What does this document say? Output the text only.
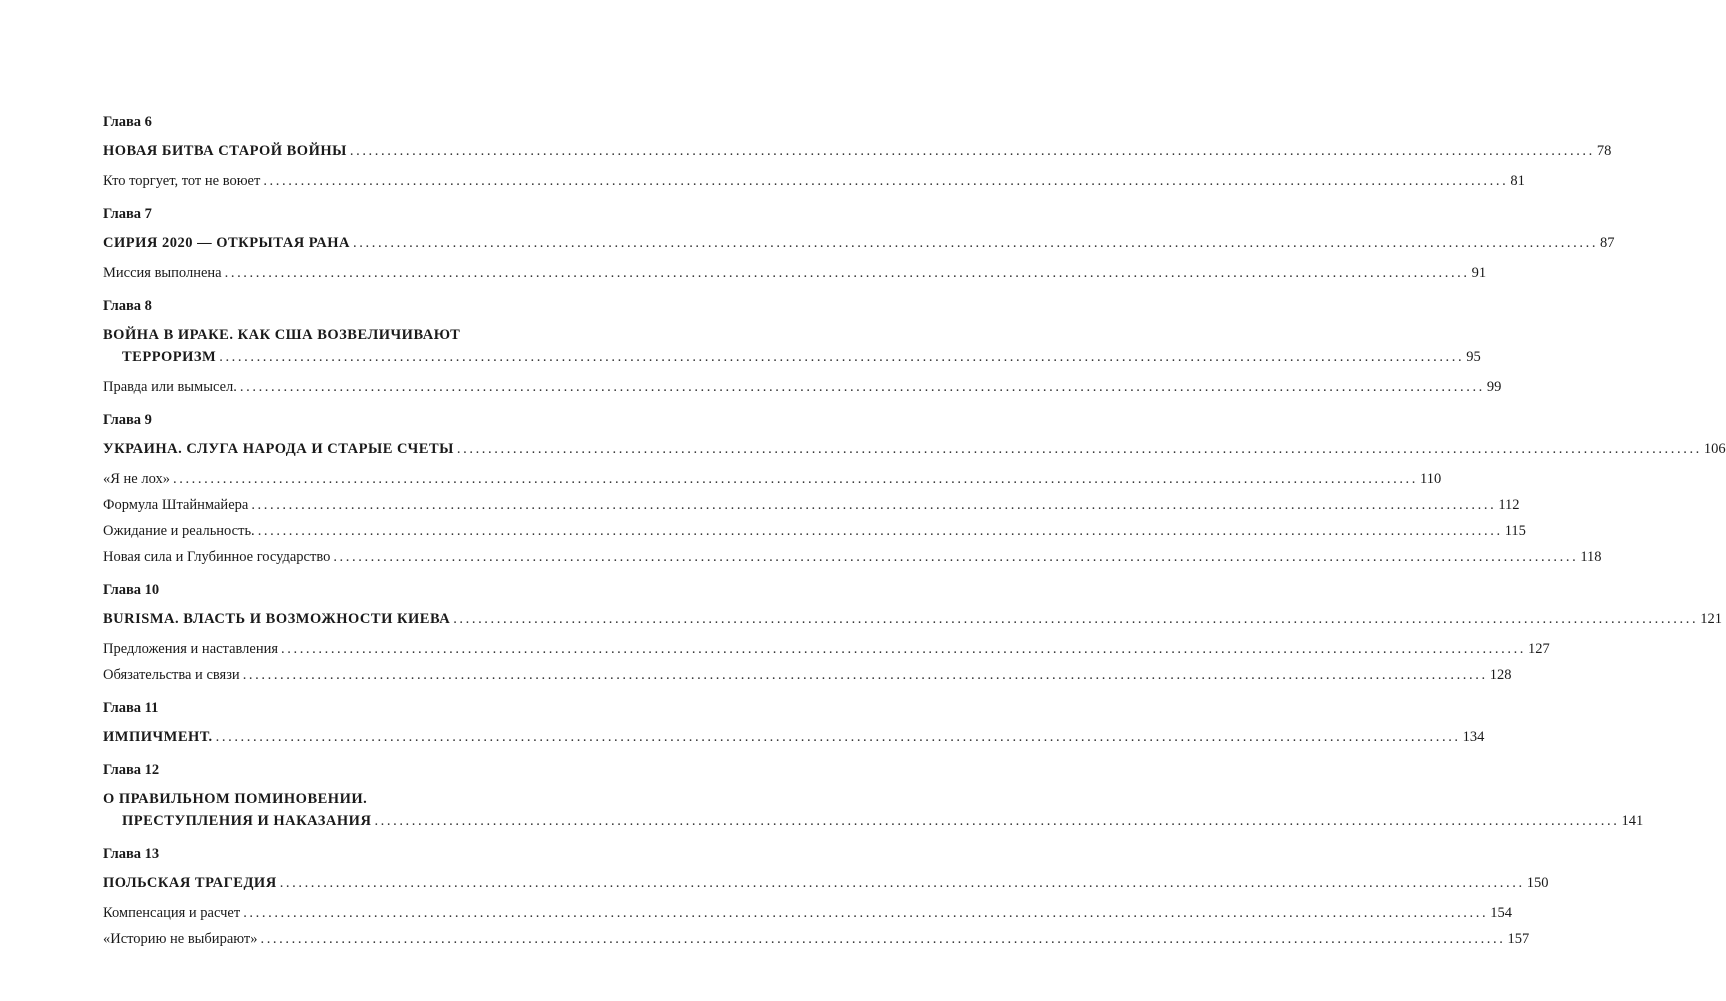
Глава 6
НОВАЯ БИТВА СТАРОЙ ВОЙНЫ ........................................................................................................................................................................................................ 78
Кто торгует, тот не воюет ........................................................................................................................................................................................................ 81
Глава 7
СИРИЯ 2020 — ОТКРЫТАЯ РАНА ........................................................................................................................................................................................................ 87
Миссия выполнена ........................................................................................................................................................................................................ 91
Глава 8
ВОЙНА В ИРАКЕ. КАК США ВОЗВЕЛИЧИВАЮТ
ТЕРРОРИЗМ ........................................................................................................................................................................................................ 95
Правда или вымысел. ........................................................................................................................................................................................................ 99
Глава 9
УКРАИНА. СЛУГА НАРОДА И СТАРЫЕ СЧЕТЫ ........................................................................................................................................................................................................ 106
«Я не лох» ........................................................................................................................................................................................................ 110
Формула Штайнмайера ........................................................................................................................................................................................................ 112
Ожидание и реальность. ........................................................................................................................................................................................................ 115
Новая сила и Глубинное государство ........................................................................................................................................................................................................ 118
Глава 10
BURISMA. ВЛАСТЬ И ВОЗМОЖНОСТИ КИЕВА ........................................................................................................................................................................................................ 121
Предложения и наставления ........................................................................................................................................................................................................ 127
Обязательства и связи ........................................................................................................................................................................................................ 128
Глава 11
ИМПИЧМЕНТ. ........................................................................................................................................................................................................ 134
Глава 12
О ПРАВИЛЬНОМ ПОМИНОВЕНИИ.
ПРЕСТУПЛЕНИЯ И НАКАЗАНИЯ ........................................................................................................................................................................................................ 141
Глава 13
ПОЛЬСКАЯ ТРАГЕДИЯ ........................................................................................................................................................................................................ 150
Компенсация и расчет ........................................................................................................................................................................................................ 154
«Историю не выбирают» ........................................................................................................................................................................................................ 157
